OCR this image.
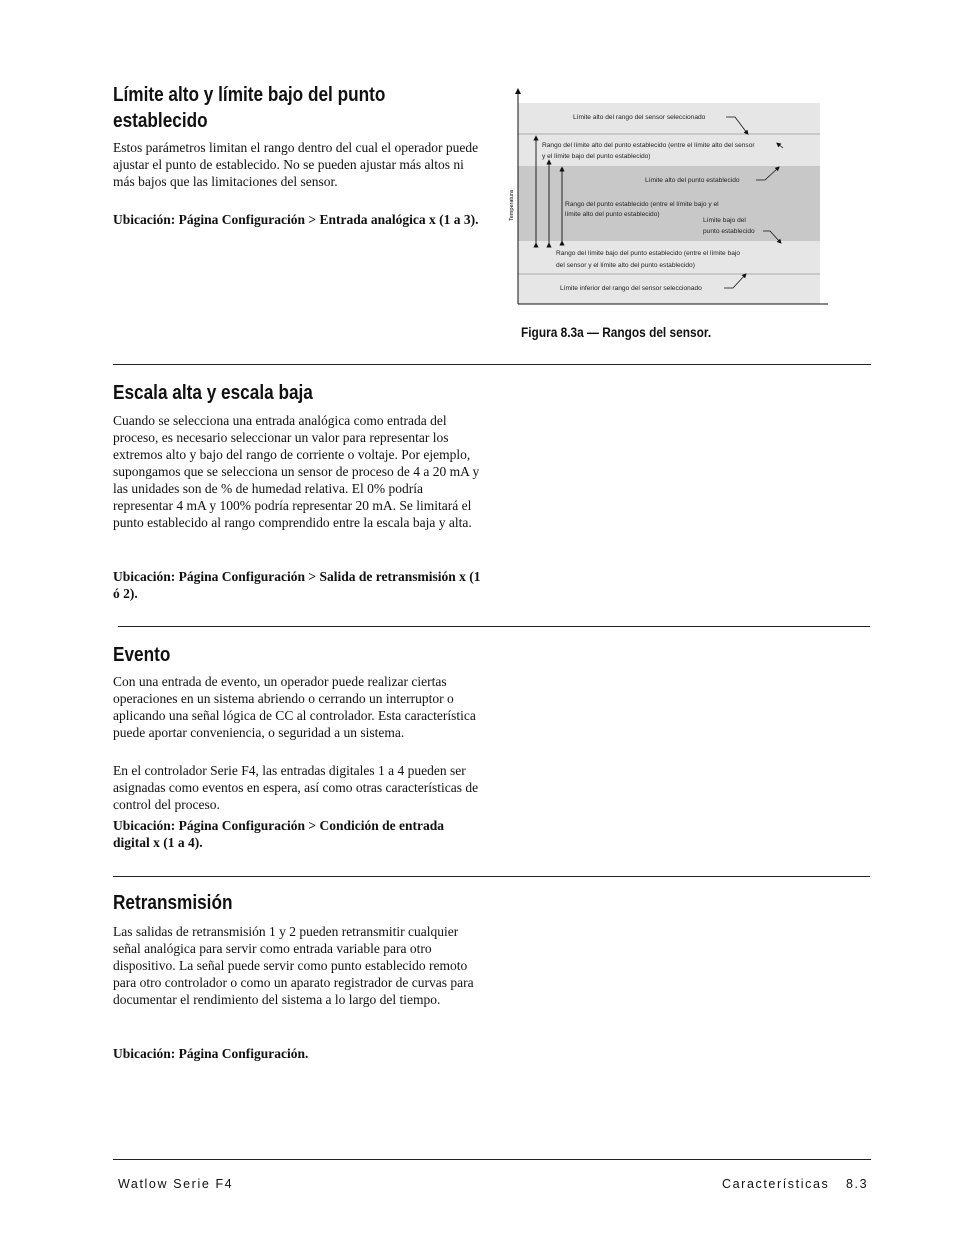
Límite alto y límite bajo del punto
establecido

Estos parámetros limitan el rango dentro del cual el operador puede ajustar el punto de establecido. No se pueden ajustar más altos ni más bajos que las limitaciones del sensor.

Ubicación: Página Configuración > Entrada analógica x (1 a 3).	Temperatura
Límite alto del rango del sensor seleccionado
Rango del límite alto del punto establecido (entre el límite alto del sensor
y el límite bajo del punto establecido)
Límite alto del punto establecido
Rango del punto establecido (entre el límite bajo y el
límite alto del punto establecido)
Límite bajo del
punto establecido
Rango del límite bajo del punto establecido (entre el límite bajo
del sensor y el límite alto del punto establecido)
Límite inferior del rango del sensor seleccionado
Figura 8.3a — Rangos del sensor.
Escala alta y escala baja

Cuando se selecciona una entrada analógica como entrada del proceso, es necesario seleccionar un valor para representar los extremos alto y bajo del rango de corriente o voltaje. Por ejemplo, supongamos que se selecciona un sensor de proceso de 4 a 20 mA y las unidades son de % de humedad relativa. El 0% podría representar 4 mA y 100% podría representar 20 mA. Se limitará el punto establecido al rango comprendido entre la escala baja y alta.

Ubicación: Página Configuración > Salida de retransmisión x (1 ó 2).

Evento

Con una entrada de evento, un operador puede realizar ciertas operaciones en un sistema abriendo o cerrando un interruptor o aplicando una señal lógica de CC al controlador. Esta característica puede aportar conveniencia, o seguridad a un sistema.

En el controlador Serie F4, las entradas digitales 1 a 4 pueden ser asignadas como eventos en espera, así como otras características de control del proceso.

Ubicación: Página Configuración > Condición de entrada digital x (1 a 4).

Retransmisión

Las salidas de retransmisión 1 y 2 pueden retransmitir cualquier señal analógica para servir como entrada variable para otro dispositivo. La señal puede servir como punto establecido remoto para otro controlador o como un aparato registrador de curvas para documentar el rendimiento del sistema a lo largo del tiempo.

Ubicación: Página Configuración.

Watlow Serie F4	Características 8.3
